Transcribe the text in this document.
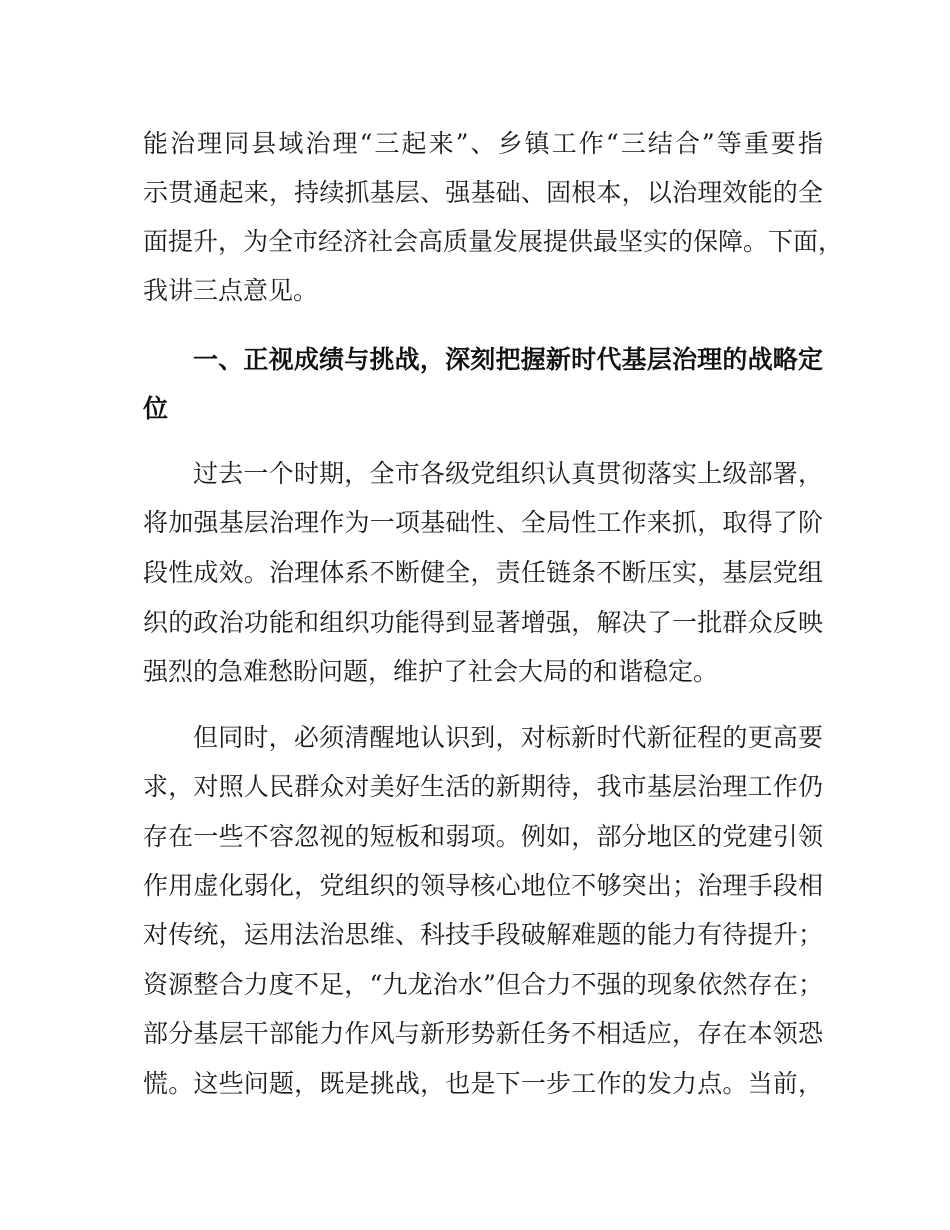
能治理同县域治理“三起来”、乡镇工作“三结合”等重要指
示贯通起来，持续抓基层、强基础、固根本，以治理效能的全
面提升，为全市经济社会高质量发展提供最坚实的保障。下面，
我讲三点意见。
一、正视成绩与挑战，深刻把握新时代基层治理的战略定
位
过去一个时期，全市各级党组织认真贯彻落实上级部署，
将加强基层治理作为一项基础性、全局性工作来抓，取得了阶
段性成效。治理体系不断健全，责任链条不断压实，基层党组
织的政治功能和组织功能得到显著增强，解决了一批群众反映
强烈的急难愁盼问题，维护了社会大局的和谐稳定。
但同时，必须清醒地认识到，对标新时代新征程的更高要
求，对照人民群众对美好生活的新期待，我市基层治理工作仍
存在一些不容忽视的短板和弱项。例如，部分地区的党建引领
作用虚化弱化，党组织的领导核心地位不够突出；治理手段相
对传统，运用法治思维、科技手段破解难题的能力有待提升；
资源整合力度不足，“九龙治水”但合力不强的现象依然存在；
部分基层干部能力作风与新形势新任务不相适应，存在本领恐
慌。这些问题，既是挑战，也是下一步工作的发力点。当前，
